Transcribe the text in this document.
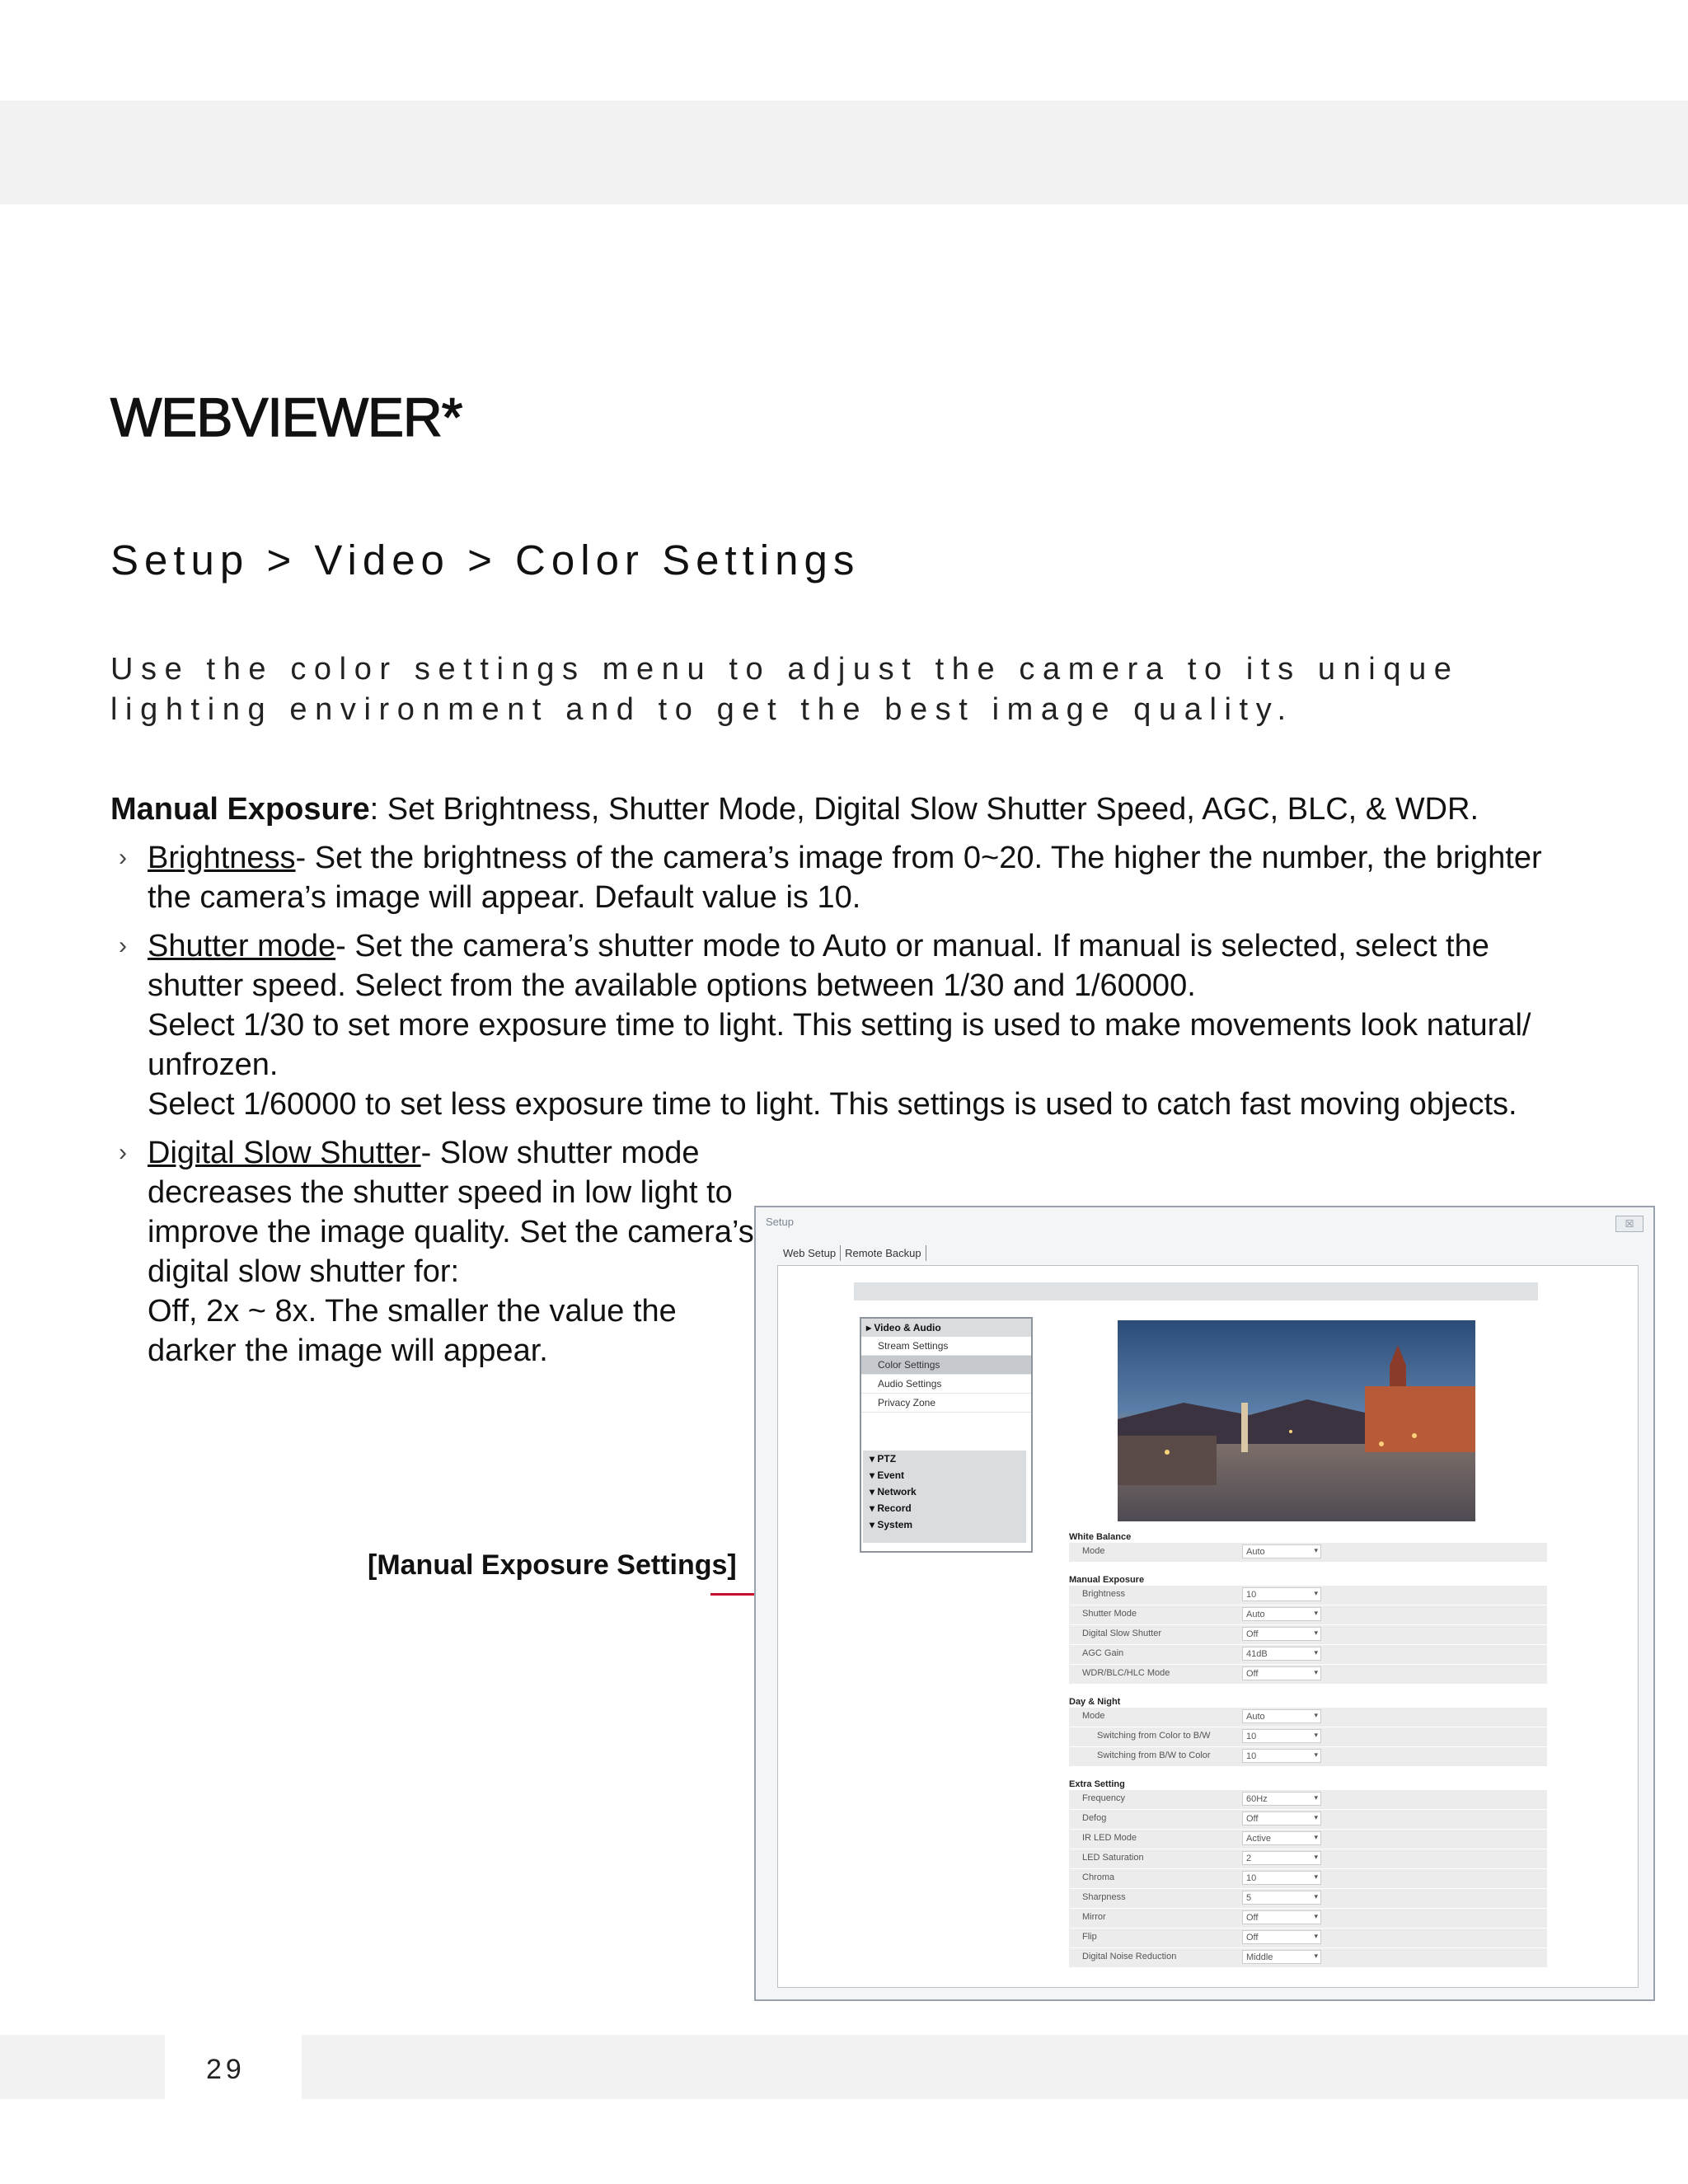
WEBVIEWER*
Setup > Video > Color Settings

Use the color settings menu to adjust the camera to its unique lighting environment and to get the best image quality.

Manual Exposure: Set Brightness, Shutter Mode, Digital Slow Shutter Speed, AGC, BLC, & WDR.
› Brightness- Set the brightness of the camera’s image from 0~20. The higher the number, the brighter the camera’s image will appear. Default value is 10.
› Shutter mode- Set the camera’s shutter mode to Auto or manual. If manual is selected, select the shutter speed. Select from the available options between 1/30 and 1/60000.
Select 1/30 to set more exposure time to light. This setting is used to make movements look natural/ unfrozen.
Select 1/60000 to set less exposure time to light. This settings is used to catch fast moving objects.
› Digital Slow Shutter- Slow shutter mode decreases the shutter speed in low light to improve the image quality. Set the camera’s digital slow shutter for:
Off, 2x ~ 8x. The smaller the value the darker the image will appear.
[Manual Exposure Settings]
Setup	☒
Web Setup Remote Backup
▸ Video & Audio
Stream Settings
Color Settings
Audio Settings
Privacy Zone
▾ PTZ
▾ Event
▾ Network
▾ Record
▾ System
White Balance
Mode	Auto	▾
Manual Exposure
Brightness	10	▾
Shutter Mode	Auto	▾
Digital Slow Shutter	Off	▾
AGC Gain	41dB	▾
WDR/BLC/HLC Mode	Off	▾
Day & Night
Mode	Auto	▾
Switching from Color to B/W	10	▾
Switching from B/W to Color	10	▾
Extra Setting
Frequency	60Hz	▾
Defog	Off	▾
IR LED Mode	Active	▾
LED Saturation	2	▾
Chroma	10	▾
Sharpness	5	▾
Mirror	Off	▾
Flip	Off	▾
Digital Noise Reduction	Middle	▾
29
